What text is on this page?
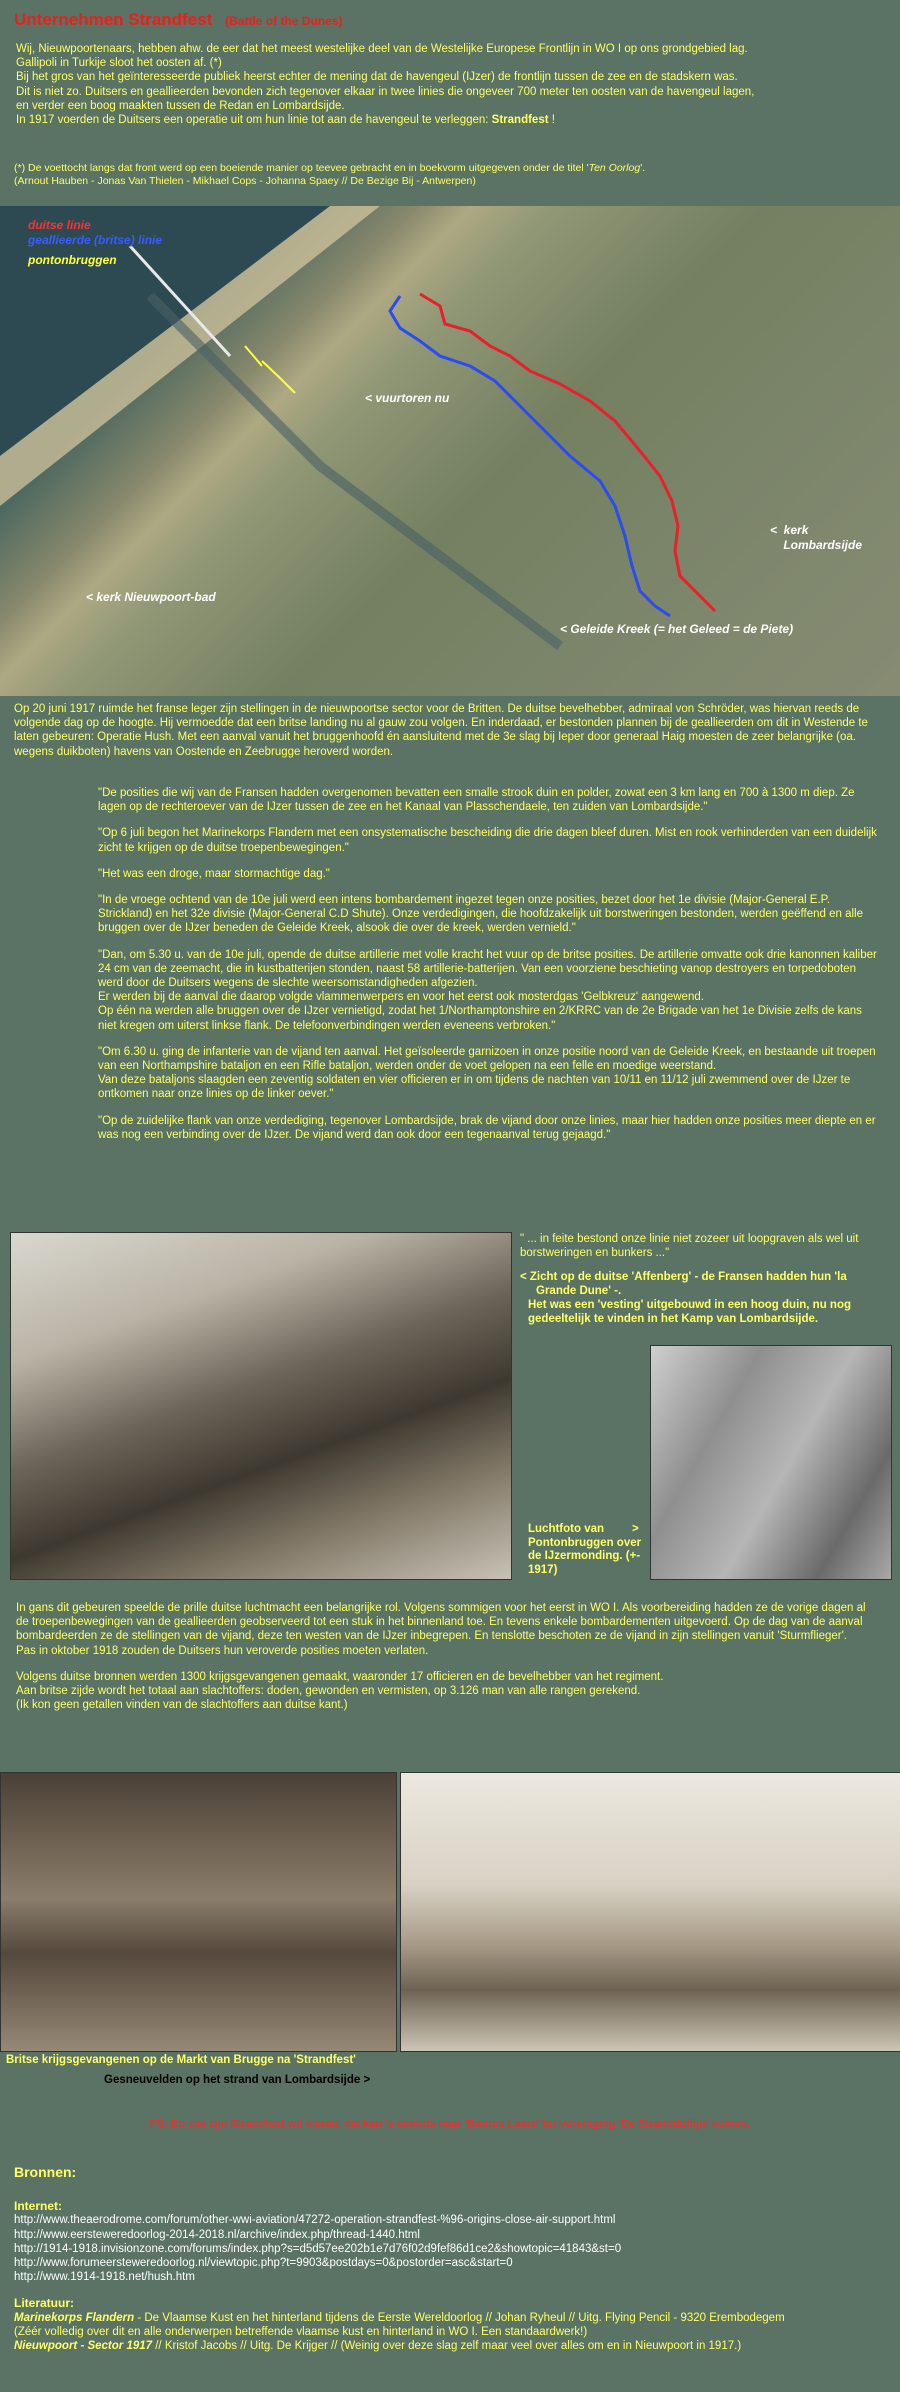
Unternehmen Strandfest (Battle of the Dunes)

Wij, Nieuwpoortenaars, hebben ahw. de eer dat het meest westelijke deel van de Westelijke Europese Frontlijn in WO I op ons grondgebied lag.

Gallipoli in Turkije sloot het oosten af. (*)

Bij het gros van het geïnteresseerde publiek heerst echter de mening dat de havengeul (IJzer) de frontlijn tussen de zee en de stadskern was.

Dit is niet zo. Duitsers en geallieerden bevonden zich tegenover elkaar in twee linies die ongeveer 700 meter ten oosten van de havengeul lagen,

en verder een boog maakten tussen de Redan en Lombardsijde.

In 1917 voerden de Duitsers een operatie uit om hun linie tot aan de havengeul te verleggen: Strandfest !

(*) De voettocht langs dat front werd op een boeiende manier op teevee gebracht en in boekvorm uitgegeven onder de titel 'Ten Oorlog'.

(Arnout Hauben - Jonas Van Thielen - Mikhael Cops - Johanna Spaey // De Bezige Bij - Antwerpen)

duitse linie
geallieerde (britse) linie
pontonbruggen
< vuurtoren nu
<  kerk
Lombardsijde
< kerk Nieuwpoort-bad
< Geleide Kreek (= het Geleed = de Piete)
Op 20 juni 1917 ruimde het franse leger zijn stellingen in de nieuwpoortse sector voor de Britten. De duitse bevelhebber, admiraal von Schröder, was hiervan reeds de volgende dag op de hoogte. Hij vermoedde dat een britse landing nu al gauw zou volgen. En inderdaad, er bestonden plannen bij de geallieerden om dit in Westende te laten gebeuren: Operatie Hush. Met een aanval vanuit het bruggenhoofd én aansluitend met de 3e slag bij Ieper door generaal Haig moesten de zeer belangrijke (oa. wegens duikboten) havens van Oostende en Zeebrugge heroverd worden.

"De posities die wij van de Fransen hadden overgenomen bevatten een smalle strook duin en polder, zowat een 3 km lang en 700 à 1300 m diep. Ze lagen op de rechteroever van de IJzer tussen de zee en het Kanaal van Plasschendaele, ten zuiden van Lombardsijde."

"Op 6 juli begon het Marinekorps Flandern met een onsystematische bescheiding die drie dagen bleef duren. Mist en rook verhinderden van een duidelijk zicht te krijgen op de duitse troepenbewegingen."

"Het was een droge, maar stormachtige dag."

"In de vroege ochtend van de 10e juli werd een intens bombardement ingezet tegen onze posities, bezet door het 1e divisie (Major-General E.P. Strickland) en het 32e divisie (Major-General C.D Shute). Onze verdedigingen, die hoofdzakelijk uit borstweringen bestonden, werden geëffend en alle bruggen over de IJzer beneden de Geleide Kreek, alsook die over de kreek, werden vernield."

"Dan, om 5.30 u. van de 10e juli, opende de duitse artillerie met volle kracht het vuur op de britse posities. De artillerie omvatte ook drie kanonnen kaliber 24 cm van de zeemacht, die in kustbatterijen stonden, naast 58 artillerie-batterijen. Van een voorziene beschieting vanop destroyers en torpedoboten werd door de Duitsers wegens de slechte weersomstandigheden afgezien.
Er werden bij de aanval die daarop volgde vlammenwerpers en voor het eerst ook mosterdgas 'Gelbkreuz' aangewend.
Op één na werden alle bruggen over de IJzer vernietigd, zodat het 1/Northamptonshire en 2/KRRC van de 2e Brigade van het 1e Divisie zelfs de kans niet kregen om uiterst linkse flank. De telefoonverbindingen werden eveneens verbroken."

"Om 6.30 u. ging de infanterie van de vijand ten aanval. Het geïsoleerde garnizoen in onze positie noord van de Geleide Kreek, en bestaande uit troepen van een Northampshire bataljon en een Rifle bataljon, werden onder de voet gelopen na een felle en moedige weerstand.
Van deze bataljons slaagden een zeventig soldaten en vier officieren er in om tijdens de nachten van 10/11 en 11/12 juli zwemmend over de IJzer te ontkomen naar onze linies op de linker oever."

"Op de zuidelijke flank van onze verdediging, tegenover Lombardsijde, brak de vijand door onze linies, maar hier hadden onze posities meer diepte en er was nog een verbinding over de IJzer. De vijand werd dan ook door een tegenaanval terug gejaagd."

" ... in feite bestond onze linie niet zozeer uit loopgraven als wel uit borstweringen en bunkers ..."

< Zicht op de duitse 'Affenberg' - de Fransen hadden hun 'la
Grande Dune' -.
Het was een 'vesting' uitgebouwd in een hoog duin, nu nog
gedeeltelijk te vinden in het Kamp van Lombardsijde.

Luchtfoto van Pontonbruggen over de IJzermonding. (+- 1917)
>

In gans dit gebeuren speelde de prille duitse luchtmacht een belangrijke rol. Volgens sommigen voor het eerst in WO I. Als voorbereiding hadden ze de vorige dagen al de troepenbewegingen van de geallieerden geobserveerd tot een stuk in het binnenland toe. En tevens enkele bombardementen uitgevoerd. Op de dag van de aanval bombardeerden ze de stellingen van de vijand, deze ten westen van de IJzer inbegrepen. En tenslotte beschoten ze de vijand in zijn stellingen vanuit 'Sturmflieger'.
Pas in oktober 1918 zouden de Duitsers hun veroverde posities moeten verlaten.

Volgens duitse bronnen werden 1300 krijgsgevangenen gemaakt, waaronder 17 officieren en de bevelhebber van het regiment.
Aan britse zijde wordt het totaal aan slachtoffers: doden, gewonden en vermisten, op 3.126 man van alle rangen gerekend.
(Ik kon geen getallen vinden van de slachtoffers aan duitse kant.)

Britse krijgsgevangenen op de Markt van Brugge na 'Strandfest'
Gesneuvelden op het strand van Lombardsijde >
PS: En wie zijn Strandfest wil vieren, die kan 's avonds naar 'Boeres Laars' ter vereniging 'De Stranddolfijn' komen.
Bronnen:
Internet:
http://www.theaerodrome.com/forum/other-wwi-aviation/47272-operation-strandfest-%96-origins-close-air-support.html
http://www.eersteweredoorlog-2014-2018.nl/archive/index.php/thread-1440.html
http://1914-1918.invisionzone.com/forums/index.php?s=d5d57ee202b1e7d76f02d9fef86d1ce2&showtopic=41843&st=0
http://www.forumeersteweredoorlog.nl/viewtopic.php?t=9903&postdays=0&postorder=asc&start=0
http://www.1914-1918.net/hush.htm
Literatuur:

Marinekorps Flandern - De Vlaamse Kust en het hinterland tijdens de Eerste Wereldoorlog // Johan Ryheul // Uitg. Flying Pencil - 9320 Erembodegem

(Zéér volledig over dit en alle onderwerpen betreffende vlaamse kust en hinterland in WO I. Een standaardwerk!)

Nieuwpoort - Sector 1917 // Kristof Jacobs // Uitg. De Krijger // (Weinig over deze slag zelf maar veel over alles om en in Nieuwpoort in 1917.)
